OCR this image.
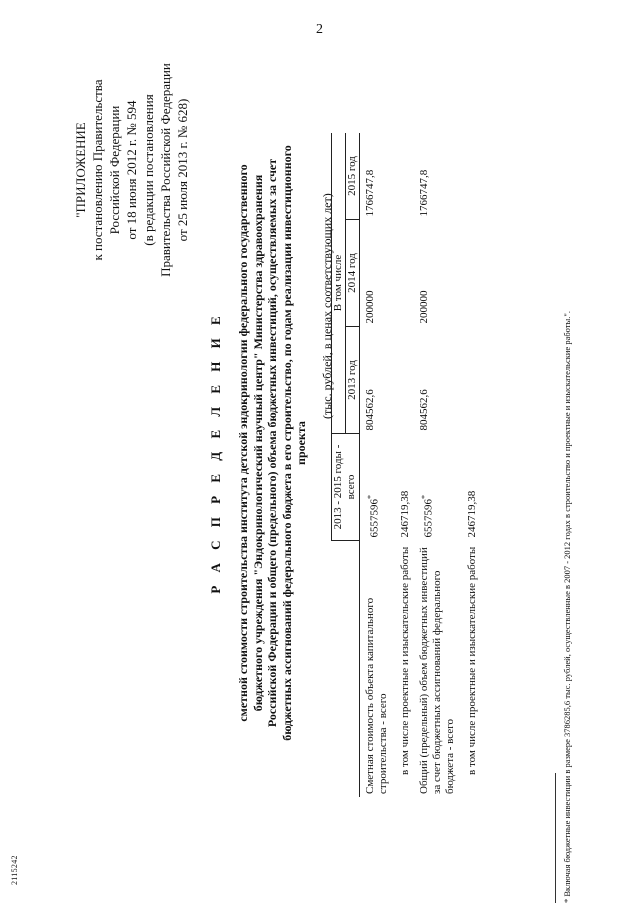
2
2115242
"ПРИЛОЖЕНИЕ к постановлению Правительства Российской Федерации от 18 июня 2012 г. № 594 (в редакции постановления Правительства Российской Федерации от 25 июля 2013 г. № 628)
Р А С П Р Е Д Е Л Е Н И Е сметной стоимости строительства института детской эндокринологии федерального государственного бюджетного учреждения "Эндокринологический научный центр" Министерства здравоохранения Российской Федерации и общего (предельного) объема бюджетных инвестиций, осуществляемых за счет бюджетных ассигнований федерального бюджета в его строительство, по годам реализации инвестиционного проекта
(тыс. рублей, в ценах соответствующих лет)
	2013 - 2015 годы - всего	В том числе		
		2013 год	2014 год	2015 год
Сметная стоимость объекта капитального строительства - всего	6557596*	804562,6	200000	1766747,8
в том числе проектные и изыскательские работы	246719,38			
Общий (предельный) объем бюджетных инвестиций за счет бюджетных ассигнований федерального бюджета - всего	6557596*	804562,6	200000	1766747,8
в том числе проектные и изыскательские работы	246719,38				* Включая бюджетные инвестиции в размере 3786285,6 тыс. рублей, осуществленные в 2007 - 2012 годах в строительство и проектные и изыскательские работы.".
